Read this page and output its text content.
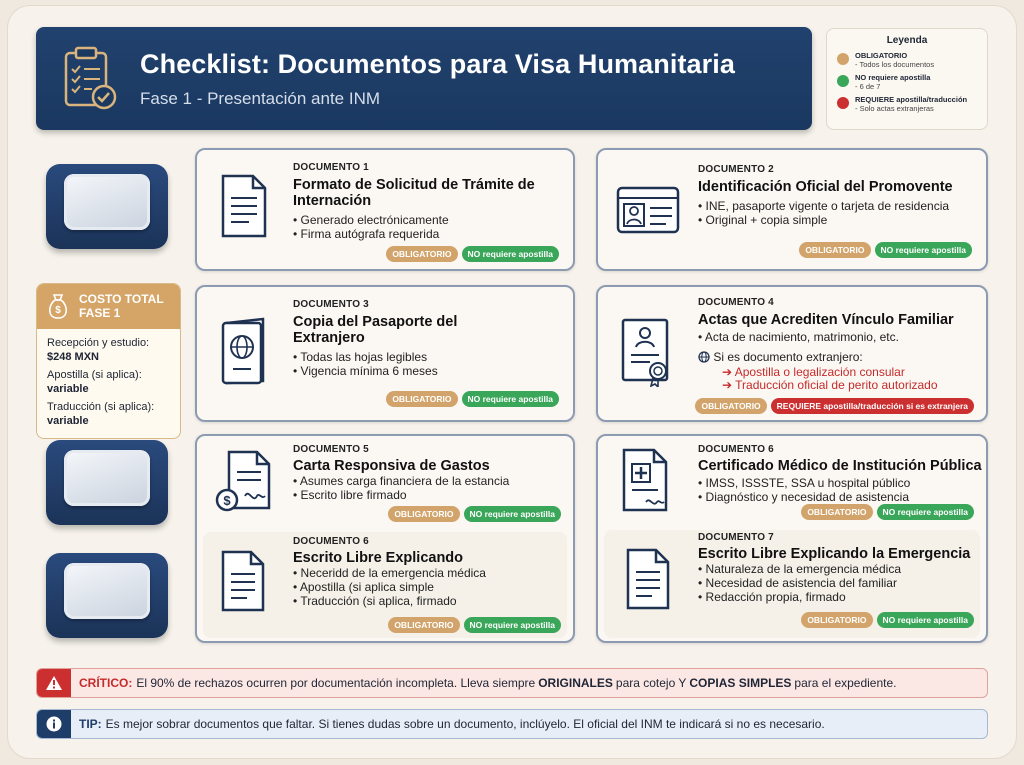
Checklist: Documentos para Visa Humanitaria
Fase 1 - Presentación ante INM
Leyenda
OBLIGATORIO
- Todos los documentos
NO requiere apostilla
- 6 de 7
REQUIERE apostilla/traducción
- Solo actas extranjeras
$
COSTO TOTAL
FASE 1
Recepción y estudio:
$248 MXN
Apostilla (si aplica):
variable
Traducción (si aplica):
variable
DOCUMENTO 1
Formato de Solicitud de Trámite de Internación
• Generado electrónicamente
• Firma autógrafa requerida
OBLIGATORIO	NO requiere apostilla
DOCUMENTO 2
Identificación Oficial del Promovente
• INE, pasaporte vigente o tarjeta de residencia
• Original + copia simple
OBLIGATORIO	NO requiere apostilla
DOCUMENTO 3
Copia del Pasaporte del Extranjero
• Todas las hojas legibles
• Vigencia mínima 6 meses
OBLIGATORIO	NO requiere apostilla
DOCUMENTO 4
Actas que Acrediten Vínculo Familiar
• Acta de nacimiento, matrimonio, etc.
Si es documento extranjero:
➔ Apostilla o legalización consular
➔ Traducción oficial de perito autorizado
OBLIGATORIO	REQUIERE apostilla/traducción si es extranjera
$
DOCUMENTO 5
Carta Responsiva de Gastos
• Asumes carga financiera de la estancia
• Escrito libre firmado
OBLIGATORIO	NO requiere apostilla
DOCUMENTO 6
Escrito Libre Explicando
• Neceridd de la emergencia médica
• Apostilla (si aplica simple
• Traducción (si aplica, firmado
OBLIGATORIO	NO requiere apostilla
DOCUMENTO 6
Certificado Médico de Institución Pública
• IMSS, ISSSTE, SSA u hospital público
• Diagnóstico y necesidad de asistencia
OBLIGATORIO	NO requiere apostilla
DOCUMENTO 7
Escrito Libre Explicando la Emergencia
• Naturaleza de la emergencia médica
• Necesidad de asistencia del familiar
• Redacción propia, firmado
OBLIGATORIO	NO requiere apostilla
CRÍTICO: El 90% de rechazos ocurren por documentación incompleta. Lleva siempre ORIGINALES para cotejo Y COPIAS SIMPLES para el expediente.
TIP: Es mejor sobrar documentos que faltar. Si tienes dudas sobre un documento, inclúyelo. El oficial del INM te indicará si no es necesario.
